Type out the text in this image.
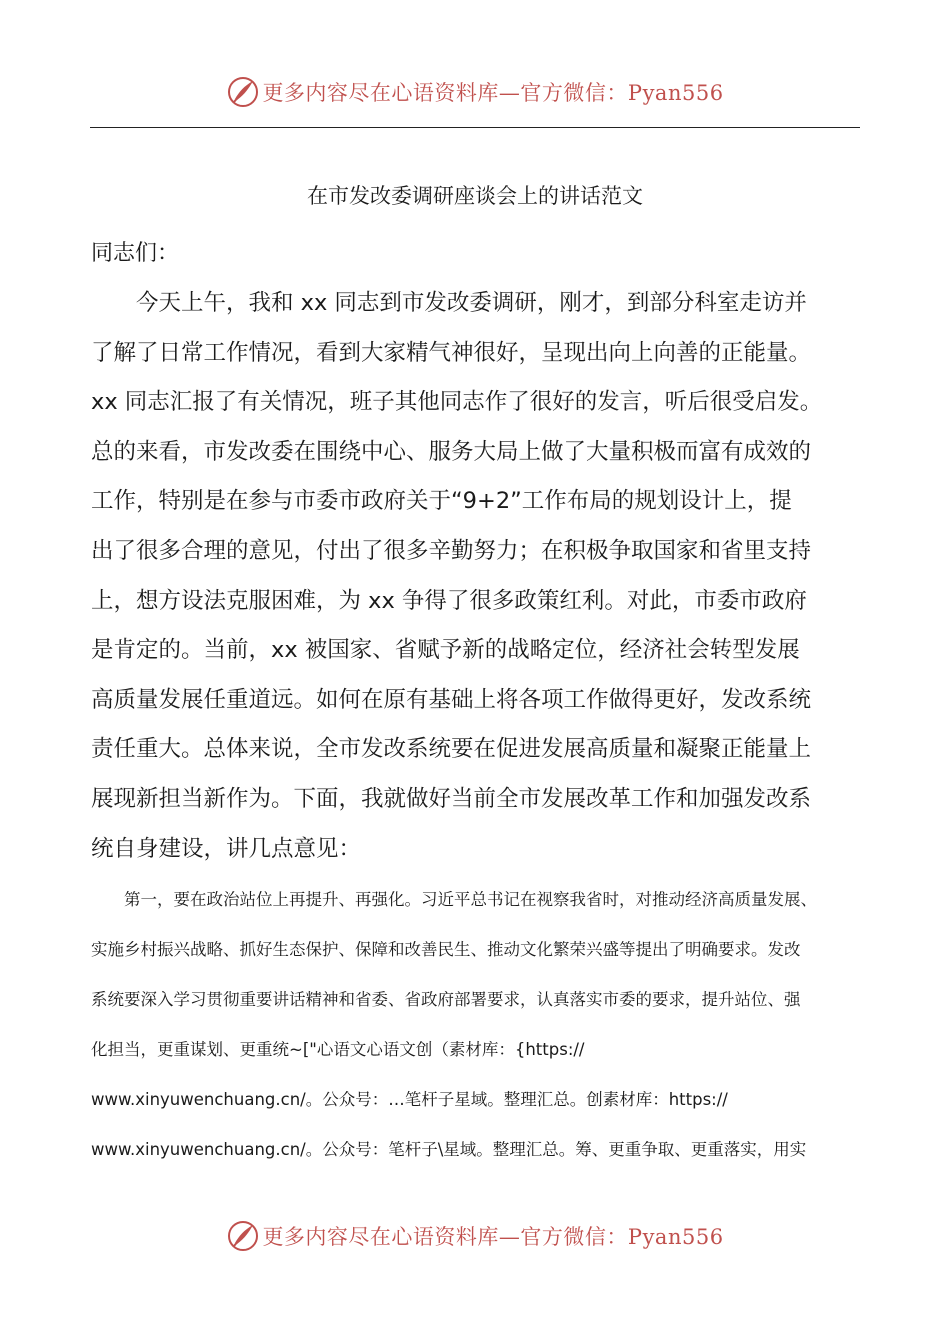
更多内容尽在心语资料库—官方微信：Pyan556
在市发改委调研座谈会上的讲话范文
同志们：
　　今天上午，我和 xx 同志到市发改委调研，刚才，到部分科室走访并
了解了日常工作情况，看到大家精气神很好，呈现出向上向善的正能量。
xx 同志汇报了有关情况，班子其他同志作了很好的发言，听后很受启发。
总的来看，市发改委在围绕中心、服务大局上做了大量积极而富有成效的
工作，特别是在参与市委市政府关于“9+2”工作布局的规划设计上，提
出了很多合理的意见，付出了很多辛勤努力；在积极争取国家和省里支持
上，想方设法克服困难，为 xx 争得了很多政策红利。对此，市委市政府
是肯定的。当前，xx 被国家、省赋予新的战略定位，经济社会转型发展
高质量发展任重道远。如何在原有基础上将各项工作做得更好，发改系统
责任重大。总体来说，全市发改系统要在促进发展高质量和凝聚正能量上
展现新担当新作为。下面，我就做好当前全市发展改革工作和加强发改系
统自身建设，讲几点意见：
　　第一，要在政治站位上再提升、再强化。习近平总书记在视察我省时，对推动经济高质量发展、
实施乡村振兴战略、抓好生态保护、保障和改善民生、推动文化繁荣兴盛等提出了明确要求。发改
系统要深入学习贯彻重要讲话精神和省委、省政府部署要求，认真落实市委的要求，提升站位、强
化担当，更重谋划、更重统~["心语文心语文创（素材库：{https://
www.xinyuwenchuang.cn/。公众号：…笔杆子星域。整理汇总。创素材库：https://
www.xinyuwenchuang.cn/。公众号：笔杆子\星域。整理汇总。筹、更重争取、更重落实，用实
更多内容尽在心语资料库—官方微信：Pyan556
